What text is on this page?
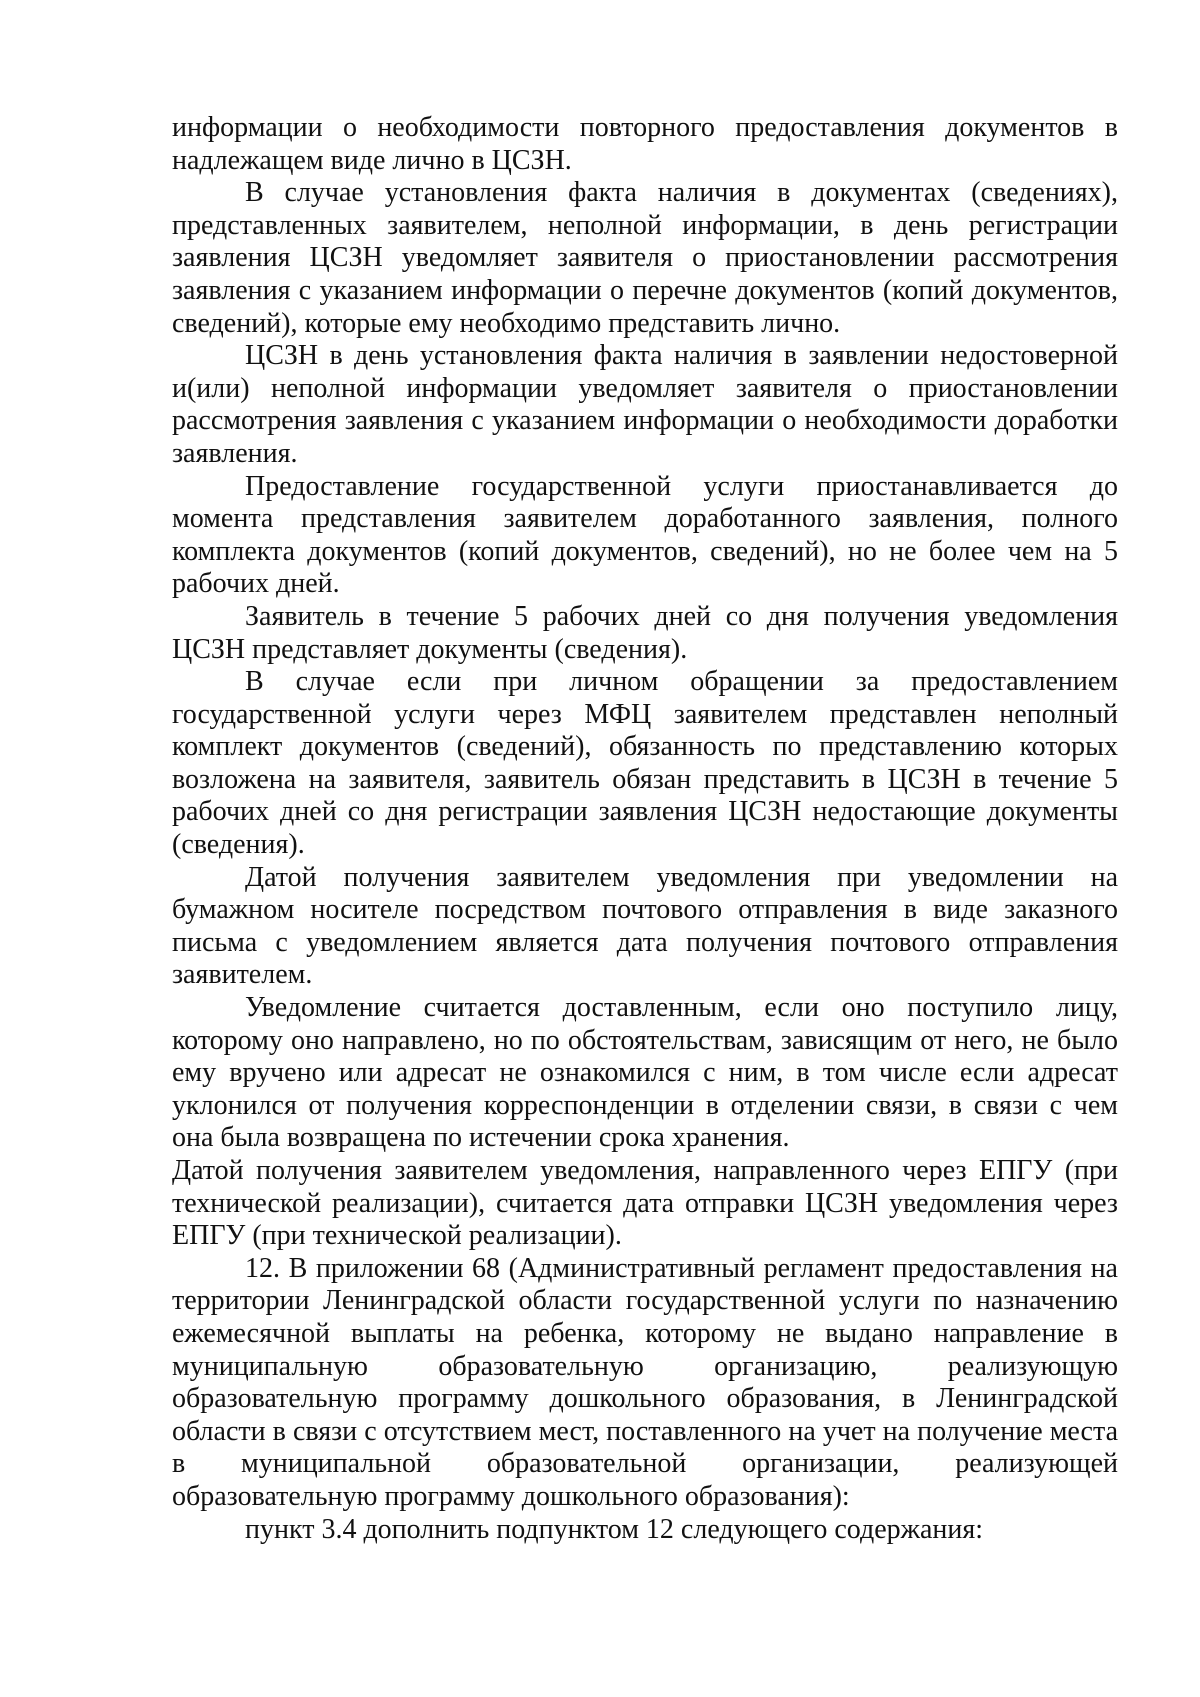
информации о необходимости повторного предоставления документов в надлежащем виде лично в ЦСЗН.

В случае установления факта наличия в документах (сведениях), представленных заявителем, неполной информации, в день регистрации заявления ЦСЗН уведомляет заявителя о приостановлении рассмотрения заявления с указанием информации о перечне документов (копий документов, сведений), которые ему необходимо представить лично.

ЦСЗН в день установления факта наличия в заявлении недостоверной и(или) неполной информации уведомляет заявителя о приостановлении рассмотрения заявления с указанием информации о необходимости доработки заявления.

Предоставление государственной услуги приостанавливается до момента представления заявителем доработанного заявления, полного комплекта документов (копий документов, сведений), но не более чем на 5 рабочих дней.

Заявитель в течение 5 рабочих дней со дня получения уведомления ЦСЗН представляет документы (сведения).

В случае если при личном обращении за предоставлением государственной услуги через МФЦ заявителем представлен неполный комплект документов (сведений), обязанность по представлению которых возложена на заявителя, заявитель обязан представить в ЦСЗН в течение 5 рабочих дней со дня регистрации заявления ЦСЗН недостающие документы (сведения).

Датой получения заявителем уведомления при уведомлении на бумажном носителе посредством почтового отправления в виде заказного письма с уведомлением является дата получения почтового отправления заявителем.

Уведомление считается доставленным, если оно поступило лицу, которому оно направлено, но по обстоятельствам, зависящим от него, не было ему вручено или адресат не ознакомился с ним, в том числе если адресат уклонился от получения корреспонденции в отделении связи, в связи с чем она была возвращена по истечении срока хранения.

Датой получения заявителем уведомления, направленного через ЕПГУ (при технической реализации), считается дата отправки ЦСЗН уведомления через ЕПГУ (при технической реализации).

12. В приложении 68 (Административный регламент предоставления на территории Ленинградской области государственной услуги по назначению ежемесячной выплаты на ребенка, которому не выдано направление в муниципальную образовательную организацию, реализующую образовательную программу дошкольного образования, в Ленинградской области в связи с отсутствием мест, поставленного на учет на получение места в муниципальной образовательной организации, реализующей образовательную программу дошкольного образования):

пункт 3.4 дополнить подпунктом 12 следующего содержания:
